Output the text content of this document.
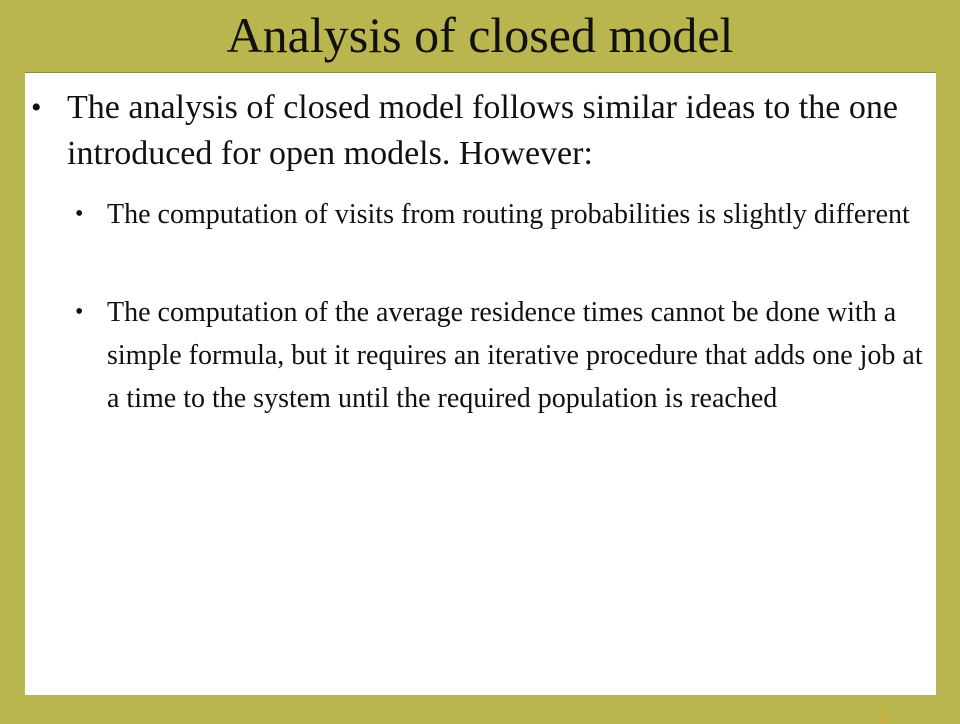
Analysis of closed model
• The analysis of closed model follows similar ideas to the one introduced for open models. However:
• The computation of visits from routing probabilities is slightly different
• The computation of the average residence times cannot be done with a simple formula, but it requires an iterative procedure that adds one job at a time to the system until the required population is reached
2
